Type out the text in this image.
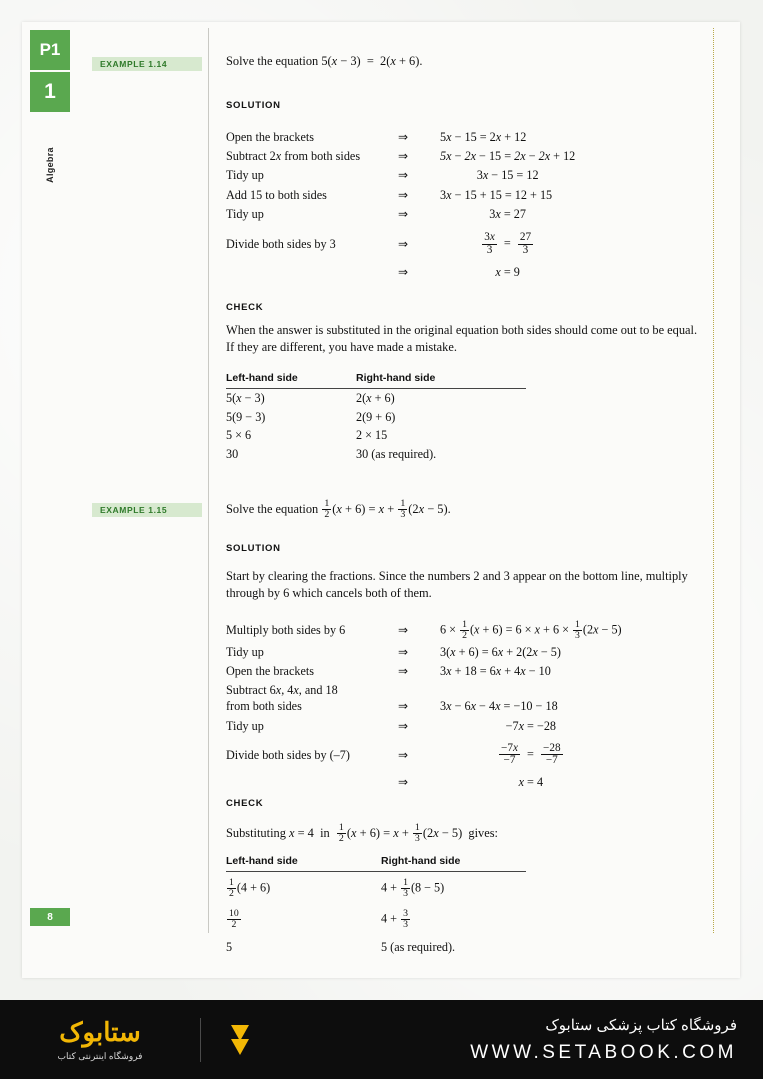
P1
1
Algebra
8
EXAMPLE 1.14	Solve the equation 5(x − 3)  =  2(x + 6).
SOLUTION
Open the brackets	⇒	5x − 15 = 2x + 12
Subtract 2x from both sides	⇒	5x − 2x − 15 = 2x − 2x + 12
Tidy up	⇒	3x − 15 = 12
Add 15 to both sides	⇒	3x − 15 + 15 = 12 + 15
Tidy up	⇒	3x = 27
Divide both sides by 3	⇒	$\frac{3x}{3} = \frac{27}{3}$

	⇒	x = 9
CHECK
When the answer is substituted in the original equation both sides should come out to be equal. If they are different, you have made a mistake.
Left-hand side	Right-hand side

5(x − 3)	2(x + 6)
5(9 − 3)	2(9 + 6)
5 × 6	2 × 15
30	30 (as required).
EXAMPLE 1.15	Solve the equation $\frac{1}{2} (x + 6) = x + \frac{1}{3} (2x - 5)$.
SOLUTION
Start by clearing the fractions. Since the numbers 2 and 3 appear on the bottom line, multiply through by 6 which cancels both of them.
Multiply both sides by 6	⇒	$6 \times \frac{1}{2} (x + 6) = 6 \times x + 6 \times \frac{1}{3} (2x - 5)$
Tidy up	⇒	3(x + 6) = 6x + 2(2x − 5)
Open the brackets	⇒	3x + 18 = 6x + 4x − 10
Subtract 6x, 4x, and 18
from both sides	⇒	3x − 6x − 4x = −10 − 18
Tidy up	⇒	−7x = −28
Divide both sides by (–7)	⇒	$\frac{-7x}{-7} = \frac{-28}{-7}$

	⇒	x = 4
CHECK
Substituting x = 4  in $\frac{1}{2} (x + 6) = x + \frac{1}{3} (2x - 5)$  gives:
Left-hand side	Right-hand side

$\frac{1}{2} (4 + 6)$	$4 + \frac{1}{3} (8 - 5)$

$\frac{10}{2}$	$4 + \frac{3}{3}$

5	5 (as required).
ستابوک
فروشگاه اینترنتی کتاب
فروشگاه کتاب پزشکی ستابوک
WWW.SETABOOK.COM
